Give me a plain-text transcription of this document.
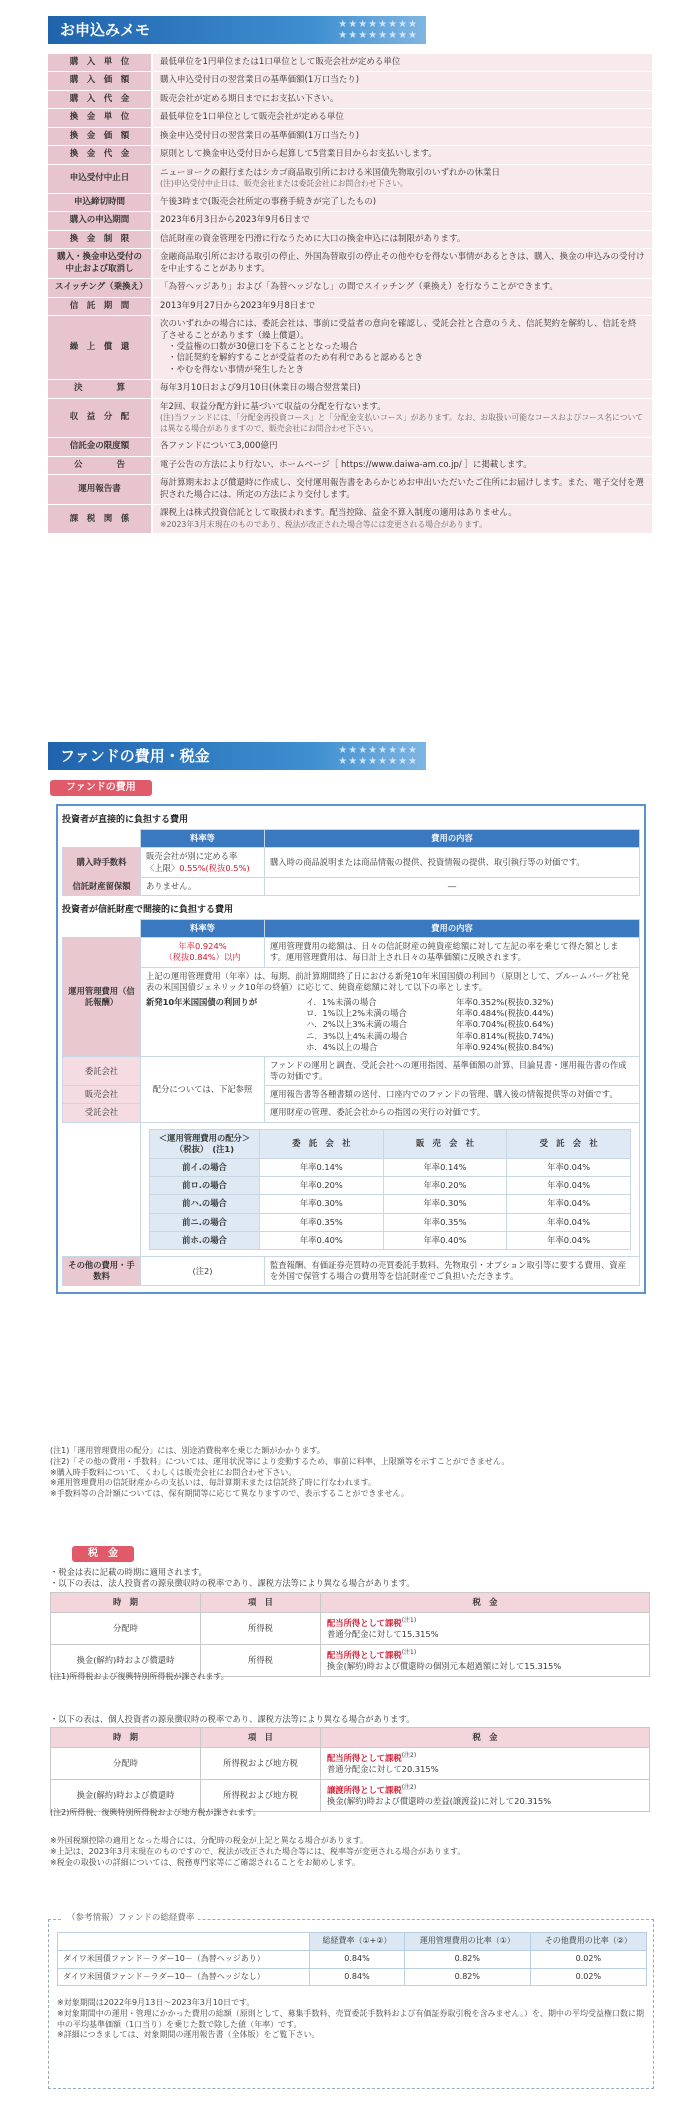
お申込みメモ	★★★★★★★★
★★★★★★★★
購　入　単　位	最低単位を1円単位または1口単位として販売会社が定める単位

購　入　価　額	購入申込受付日の翌営業日の基準価額(1万口当たり)

購　入　代　金	販売会社が定める期日までにお支払い下さい。

換　金　単　位	最低単位を1口単位として販売会社が定める単位

換　金　価　額	換金申込受付日の翌営業日の基準価額(1万口当たり)

換　金　代　金	原則として換金申込受付日から起算して5営業日目からお支払いします。

申込受付中止日	ニューヨークの銀行またはシカゴ商品取引所における米国債先物取引のいずれかの休業日
(注)申込受付中止日は、販売会社または委託会社にお問合わせ下さい。

申込締切時間	午後3時まで(販売会社所定の事務手続きが完了したもの)

購入の申込期間	2023年6月3日から2023年9月6日まで

換　金　制　限	信託財産の資金管理を円滑に行なうために大口の換金申込には制限があります。

購入・換金申込受付の中止および取消し	金融商品取引所における取引の停止、外国為替取引の停止その他やむを得ない事情があるときは、購入、換金の申込みの受付けを中止することがあります。

スイッチング（乗換え）	「為替ヘッジあり」および「為替ヘッジなし」の間でスイッチング（乗換え）を行なうことができます。

信　託　期　間	2013年9月27日から2023年9月8日まで

繰　上　償　還	次のいずれかの場合には、委託会社は、事前に受益者の意向を確認し、受託会社と合意のうえ、信託契約を解約し、信託を終了させることがあります（繰上償還）。
・受益権の口数が30億口を下ることとなった場合
・信託契約を解約することが受益者のため有利であると認めるとき
・やむを得ない事情が発生したとき

決　　　　算	毎年3月10日および9月10日(休業日の場合翌営業日)

収　益　分　配	年2回、収益分配方針に基づいて収益の分配を行ないます。
(注)当ファンドには、「分配金再投資コース」と「分配金支払いコース」があります。なお、お取扱い可能なコースおよびコース名については異なる場合がありますので、販売会社にお問合わせ下さい。

信託金の限度額	各ファンドについて3,000億円

公　　　　告	電子公告の方法により行ない、ホームページ［ https://www.daiwa-am.co.jp/ ］に掲載します。

運用報告書	毎計算期末および償還時に作成し、交付運用報告書をあらかじめお申出いただいたご住所にお届けします。また、電子交付を選択された場合には、所定の方法により交付します。

課　税　関　係	課税上は株式投資信託として取扱われます。配当控除、益金不算入制度の適用はありません。
※2023年3月末現在のものであり、税法が改正された場合等には変更される場合があります。
ファンドの費用・税金	★★★★★★★★
★★★★★★★★
ファンドの費用
投資者が直接的に負担する費用
	料率等	費用の内容
購入時手数料	販売会社が別に定める率
〈上限〉0.55%(税抜0.5%)	購入時の商品説明または商品情報の提供、投資情報の提供、取引執行等の対価です。
信託財産留保額	ありません。	―
投資者が信託財産で間接的に負担する費用
	料率等	費用の内容
運用管理費用（信託報酬）	年率0.924%
（税抜0.84%）以内	運用管理費用の総額は、日々の信託財産の純資産総額に対して左記の率を乗じて得た額とします。運用管理費用は、毎日計上され日々の基準価額に反映されます。

上記の運用管理費用（年率）は、毎期、前計算期間終了日における新発10年米国国債の利回り（原則として、ブルームバーグ社発表の米国国債ジェネリック10年の終値）に応じて、純資産総額に対して以下の率とします。
新発10年米国国債の利回りが	イ．1%未満の場合	年率0.352%(税抜0.32%)
ロ．1%以上2%未満の場合	年率0.484%(税抜0.44%)
ハ．2%以上3%未満の場合	年率0.704%(税抜0.64%)
ニ．3%以上4%未満の場合	年率0.814%(税抜0.74%)
ホ．4%以上の場合	年率0.924%(税抜0.84%)

委託会社	配分については、下記参照	ファンドの運用と調査、受託会社への運用指図、基準価額の計算、目論見書・運用報告書の作成等の対価です。
販売会社	運用報告書等各種書類の送付、口座内でのファンドの管理、購入後の情報提供等の対価です。
受託会社	運用財産の管理、委託会社からの指図の実行の対価です。

＜運用管理費用の配分＞（税抜）　(注1)	委　託　会　社	販　売　会　社	受　託　会　社
前イ.の場合	年率0.14%	年率0.14%	年率0.04%
前ロ.の場合	年率0.20%	年率0.20%	年率0.04%
前ハ.の場合	年率0.30%	年率0.30%	年率0.04%
前ニ.の場合	年率0.35%	年率0.35%	年率0.04%
前ホ.の場合	年率0.40%	年率0.40%	年率0.04%

その他の費用・手数料	(注2)	監査報酬、有価証券売買時の売買委託手数料、先物取引・オプション取引等に要する費用、資産を外国で保管する場合の費用等を信託財産でご負担いただきます。
(注1)「運用管理費用の配分」には、別途消費税率を乗じた額がかかります。
(注2)「その他の費用・手数料」については、運用状況等により変動するため、事前に料率、上限額等を示すことができません。
※購入時手数料について、くわしくは販売会社にお問合わせ下さい。
※運用管理費用の信託財産からの支払いは、毎計算期末または信託終了時に行なわれます。
※手数料等の合計額については、保有期間等に応じて異なりますので、表示することができません。
税　金
・税金は表に記載の時期に適用されます。
・以下の表は、法人投資者の源泉徴収時の税率であり、課税方法等により異なる場合があります。
時　期	項　目	税　金
分配時	所得税	配当所得として課税$^{(注1)}$
普通分配金に対して15.315%

換金(解約)時および償還時	所得税	配当所得として課税$^{(注1)}$
換金(解約)時および償還時の個別元本超過額に対して15.315%
(注1)所得税および復興特別所得税が課されます。
・以下の表は、個人投資者の源泉徴収時の税率であり、課税方法等により異なる場合があります。
時　期	項　目	税　金
分配時	所得税および地方税	配当所得として課税$^{(注2)}$
普通分配金に対して20.315%

換金(解約)時および償還時	所得税および地方税	譲渡所得として課税$^{(注2)}$
換金(解約)時および償還時の差益(譲渡益)に対して20.315%
(注2)所得税、復興特別所得税および地方税が課されます。
※外国税額控除の適用となった場合には、分配時の税金が上記と異なる場合があります。
※上記は、2023年3月末現在のものですので、税法が改正された場合等には、税率等が変更される場合があります。
※税金の取扱いの詳細については、税務専門家等にご確認されることをお勧めします。
（参考情報）ファンドの総経費率
	総経費率（①+②）	運用管理費用の比率（①）	その他費用の比率（②）
ダイワ米国債ファンド－ラダー10－（為替ヘッジあり）	0.84%	0.82%	0.02%
ダイワ米国債ファンド－ラダー10－（為替ヘッジなし）	0.84%	0.82%	0.02%
※対象期間は2022年9月13日～2023年3月10日です。
※対象期間中の運用・管理にかかった費用の総額（原則として、募集手数料、売買委託手数料および有価証券取引税を含みません。）を、期中の平均受益権口数に期中の平均基準価額（1口当り）を乗じた数で除した値（年率）です。
※詳細につきましては、対象期間の運用報告書（全体版）をご覧下さい。
